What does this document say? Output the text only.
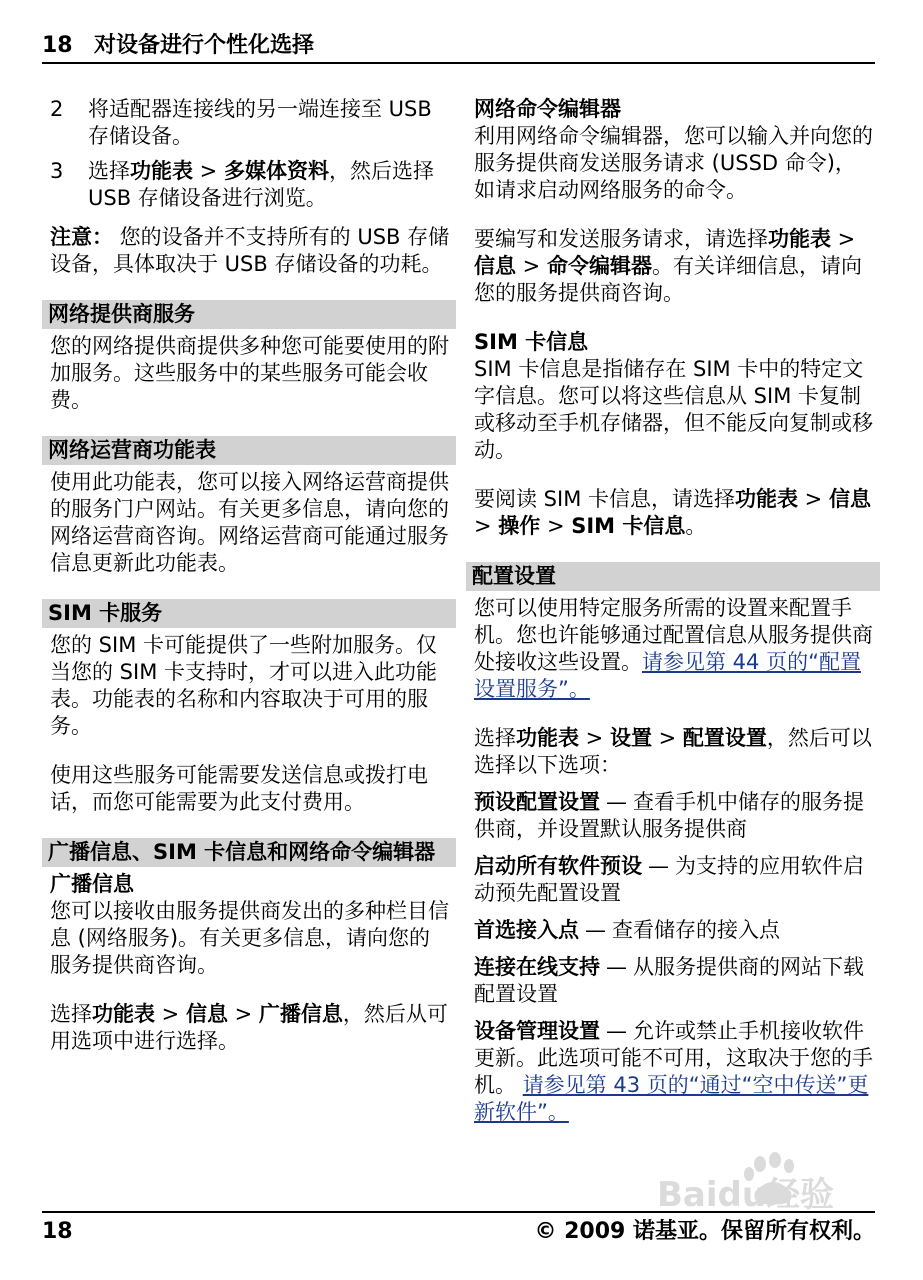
18 对设备进行个性化选择
2	将适配器连接线的另一端连接至 USB 存储设备。
3	选择功能表 > 多媒体资料，然后选择 USB 存储设备进行浏览。

注意： 您的设备并不支持所有的 USB 存储设备，具体取决于 USB 存储设备的功耗。

网络提供商服务

您的网络提供商提供多种您可能要使用的附加服务。这些服务中的某些服务可能会收费。

网络运营商功能表

使用此功能表，您可以接入网络运营商提供的服务门户网站。有关更多信息，请向您的网络运营商咨询。网络运营商可能通过服务信息更新此功能表。

SIM 卡服务

您的 SIM 卡可能提供了一些附加服务。仅当您的 SIM 卡支持时，才可以进入此功能表。功能表的名称和内容取决于可用的服务。

使用这些服务可能需要发送信息或拨打电话，而您可能需要为此支付费用。

广播信息、SIM 卡信息和网络命令编辑器
广播信息

您可以接收由服务提供商发出的多种栏目信息 (网络服务)。有关更多信息，请向您的服务提供商咨询。

选择功能表 > 信息 > 广播信息，然后从可用选项中进行选择。

网络命令编辑器

利用网络命令编辑器，您可以输入并向您的服务提供商发送服务请求 (USSD 命令)，如请求启动网络服务的命令。

要编写和发送服务请求，请选择功能表 > 信息 > 命令编辑器。有关详细信息，请向您的服务提供商咨询。

SIM 卡信息

SIM 卡信息是指储存在 SIM 卡中的特定文字信息。您可以将这些信息从 SIM 卡复制或移动至手机存储器，但不能反向复制或移动。

要阅读 SIM 卡信息，请选择功能表 > 信息 > 操作 > SIM 卡信息。

配置设置

您可以使用特定服务所需的设置来配置手机。您也许能够通过配置信息从服务提供商处接收这些设置。请参见第 44 页的“配置设置服务”。

选择功能表 > 设置 > 配置设置，然后可以选择以下选项：

预设配置设置 — 查看手机中储存的服务提供商，并设置默认服务提供商

启动所有软件预设 — 为支持的应用软件启动预先配置设置

首选接入点 — 查看储存的接入点

连接在线支持 — 从服务提供商的网站下载配置设置

设备管理设置 — 允许或禁止手机接收软件更新。此选项可能不可用，这取决于您的手机。 请参见第 43 页的“通过“空中传送”更新软件”。

Baidu经验
18	© 2009 诺基亚。保留所有权利。
